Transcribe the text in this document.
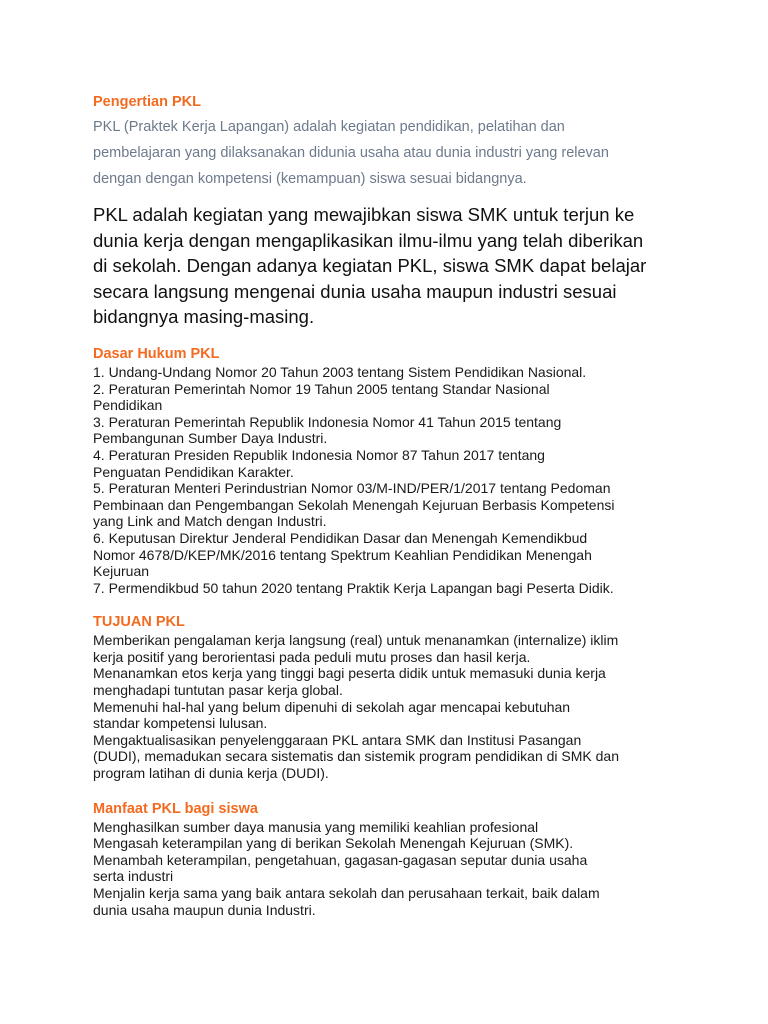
Pengertian PKL

PKL (Praktek Kerja Lapangan) adalah kegiatan pendidikan, pelatihan dan
pembelajaran yang dilaksanakan didunia usaha atau dunia industri yang relevan
dengan dengan kompetensi (kemampuan) siswa sesuai bidangnya.

PKL adalah kegiatan yang mewajibkan siswa SMK untuk terjun ke
dunia kerja dengan mengaplikasikan ilmu-ilmu yang telah diberikan
di sekolah. Dengan adanya kegiatan PKL, siswa SMK dapat belajar
secara langsung mengenai dunia usaha maupun industri sesuai
bidangnya masing-masing.

Dasar Hukum PKL
1. Undang-Undang Nomor 20 Tahun 2003 tentang Sistem Pendidikan Nasional.
2. Peraturan Pemerintah Nomor 19 Tahun 2005 tentang Standar Nasional
Pendidikan
3. Peraturan Pemerintah Republik Indonesia Nomor 41 Tahun 2015 tentang
Pembangunan Sumber Daya Industri.
4. Peraturan Presiden Republik Indonesia Nomor 87 Tahun 2017 tentang
Penguatan Pendidikan Karakter.
5. Peraturan Menteri Perindustrian Nomor 03/M-IND/PER/1/2017 tentang Pedoman
Pembinaan dan Pengembangan Sekolah Menengah Kejuruan Berbasis Kompetensi
yang Link and Match dengan Industri.
6. Keputusan Direktur Jenderal Pendidikan Dasar dan Menengah Kemendikbud
Nomor 4678/D/KEP/MK/2016 tentang Spektrum Keahlian Pendidikan Menengah
Kejuruan
7. Permendikbud 50 tahun 2020 tentang Praktik Kerja Lapangan bagi Peserta Didik.
TUJUAN PKL
Memberikan pengalaman kerja langsung (real) untuk menanamkan (internalize) iklim
kerja positif yang berorientasi pada peduli mutu proses dan hasil kerja.
Menanamkan etos kerja yang tinggi bagi peserta didik untuk memasuki dunia kerja
menghadapi tuntutan pasar kerja global.
Memenuhi hal-hal yang belum dipenuhi di sekolah agar mencapai kebutuhan
standar kompetensi lulusan.
Mengaktualisasikan penyelenggaraan PKL antara SMK dan Institusi Pasangan
(DUDI), memadukan secara sistematis dan sistemik program pendidikan di SMK dan
program latihan di dunia kerja (DUDI).
Manfaat PKL bagi siswa
Menghasilkan sumber daya manusia yang memiliki keahlian profesional
Mengasah keterampilan yang di berikan Sekolah Menengah Kejuruan (SMK).
Menambah keterampilan, pengetahuan, gagasan-gagasan seputar dunia usaha
serta industri
Menjalin kerja sama yang baik antara sekolah dan perusahaan terkait, baik dalam
dunia usaha maupun dunia Industri.
